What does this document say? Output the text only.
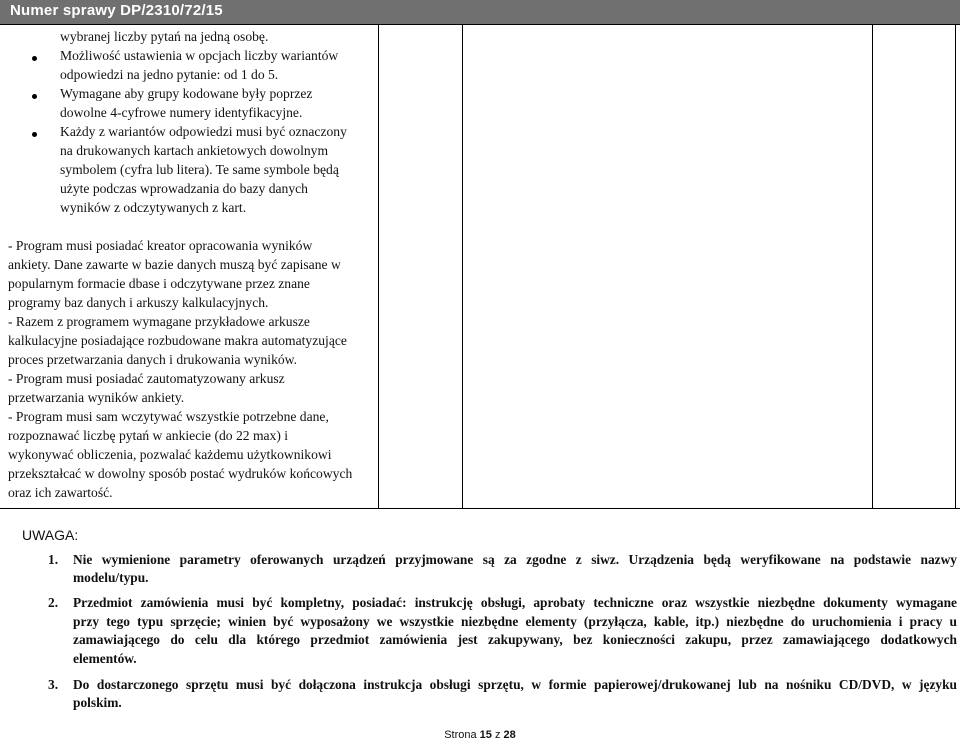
Numer sprawy DP/2310/72/15
wybranej liczby pytań na jedną osobę.
Możliwość ustawienia w opcjach liczby wariantów
odpowiedzi na jedno pytanie: od 1 do 5.
Wymagane aby grupy kodowane były poprzez
dowolne 4-cyfrowe numery identyfikacyjne.
Każdy z wariantów odpowiedzi musi być oznaczony
na drukowanych kartach ankietowych dowolnym
symbolem (cyfra lub litera). Te same symbole będą
użyte podczas wprowadzania do bazy danych
wyników z odczytywanych z kart.
- Program musi posiadać kreator opracowania wyników
ankiety. Dane zawarte w bazie danych muszą być zapisane w
popularnym formacie dbase i odczytywane przez znane
programy baz danych i arkuszy kalkulacyjnych.
- Razem z programem wymagane przykładowe arkusze
kalkulacyjne posiadające rozbudowane makra automatyzujące
proces przetwarzania danych i drukowania wyników.
- Program musi posiadać zautomatyzowany arkusz
przetwarzania wyników ankiety.
- Program musi sam wczytywać wszystkie potrzebne dane,
rozpoznawać liczbę pytań w ankiecie (do 22 max) i
wykonywać obliczenia, pozwalać każdemu użytkownikowi
przekształcać w dowolny sposób postać wydruków końcowych
oraz ich zawartość.
UWAGA:
1. Nie wymienione parametry oferowanych urządzeń przyjmowane są za zgodne z siwz. Urządzenia będą weryfikowane na podstawie nazwy
modelu/typu.
2. Przedmiot zamówienia musi być kompletny, posiadać: instrukcję obsługi, aprobaty techniczne oraz wszystkie niezbędne dokumenty wymagane
przy tego typu sprzęcie; winien być wyposażony we wszystkie niezbędne elementy (przyłącza, kable, itp.) niezbędne do uruchomienia i pracy u
zamawiającego do celu dla którego przedmiot zamówienia jest zakupywany, bez konieczności zakupu, przez zamawiającego dodatkowych
elementów.
3. Do dostarczonego sprzętu musi być dołączona instrukcja obsługi sprzętu, w formie papierowej/drukowanej lub na nośniku CD/DVD, w języku
polskim.
Strona 15 z 28
